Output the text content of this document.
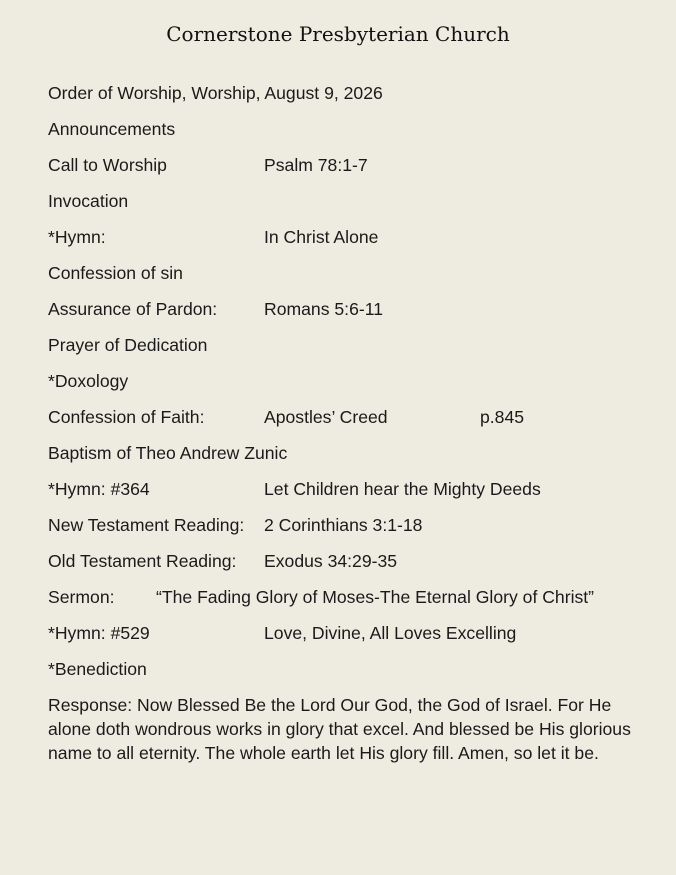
Cornerstone Presbyterian Church
Order of Worship, Worship, August 9, 2026
Announcements
Call to Worship	Psalm 78:1-7
Invocation
*Hymn:	In Christ Alone
Confession of sin
Assurance of Pardon:	Romans 5:6-11
Prayer of Dedication
*Doxology
Confession of Faith:	Apostles’ Creed	p.845
Baptism of Theo Andrew Zunic
*Hymn: #364	Let Children hear the Mighty Deeds
New Testament Reading: 2 Corinthians 3:1-18
Old Testament Reading: Exodus 34:29-35
Sermon: “The Fading Glory of Moses-The Eternal Glory of Christ”
*Hymn: #529	Love, Divine, All Loves Excelling
*Benediction
Response: Now Blessed Be the Lord Our God, the God of Israel. For He alone doth wondrous works in glory that excel. And blessed be His glorious name to all eternity. The whole earth let His glory fill. Amen, so let it be.
